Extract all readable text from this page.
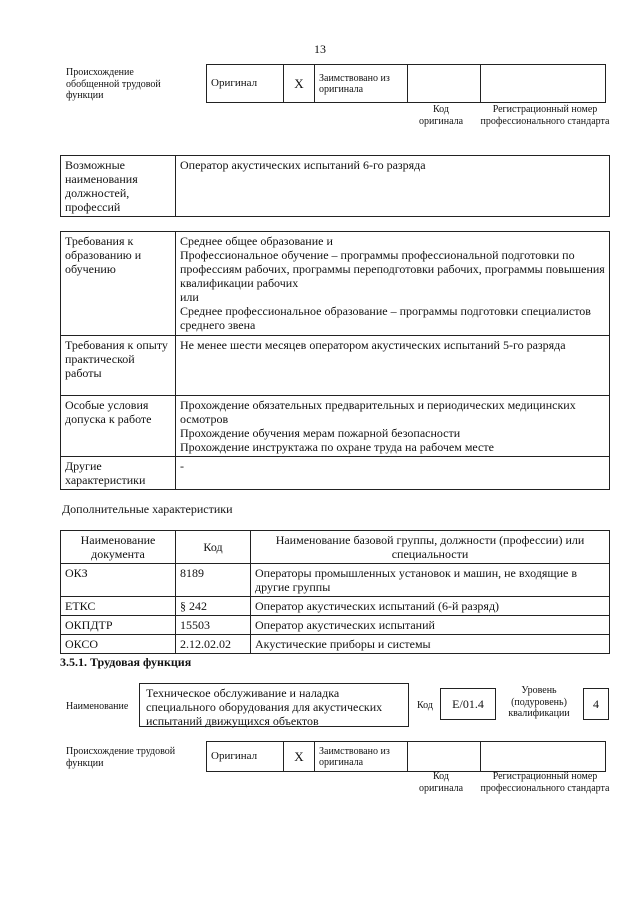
13
Происхождение обобщенной трудовой функции
Оригинал	X	Заимствовано из оригинала		
Код оригинала
Регистрационный номер профессионального стандарта
Возможные наименования должностей, профессий	Оператор акустических испытаний 6-го разряда
Требования к образованию и обучению	Среднее общее образование и
Профессиональное обучение – программы профессиональной подготовки по профессиям рабочих, программы переподготовки рабочих, программы повышения квалификации рабочих
или
Среднее профессиональное образование – программы подготовки специалистов среднего звена

Требования к опыту практической работы	Не менее шести месяцев оператором акустических испытаний 5-го разряда

Особые условия допуска к работе	Прохождение обязательных предварительных и периодических медицинских осмотров
Прохождение обучения мерам пожарной безопасности
Прохождение инструктажа по охране труда на рабочем месте

Другие характеристики	-
Дополнительные характеристики
Наименование документа	Код	Наименование базовой группы, должности (профессии) или специальности
ОКЗ	8189	Операторы промышленных установок и машин, не входящие в другие группы
ЕТКС	§ 242	Оператор акустических испытаний (6-й разряд)
ОКПДТР	15503	Оператор акустических испытаний
ОКСО	2.12.02.02	Акустические приборы и системы
3.5.1. Трудовая функция
Наименование
Техническое обслуживание и наладка специального оборудования для акустических испытаний движущихся объектов
Код	E/01.4
Уровень (подуровень) квалификации
4
Происхождение трудовой функции
Оригинал	X	Заимствовано из оригинала		
Код оригинала
Регистрационный номер профессионального стандарта
